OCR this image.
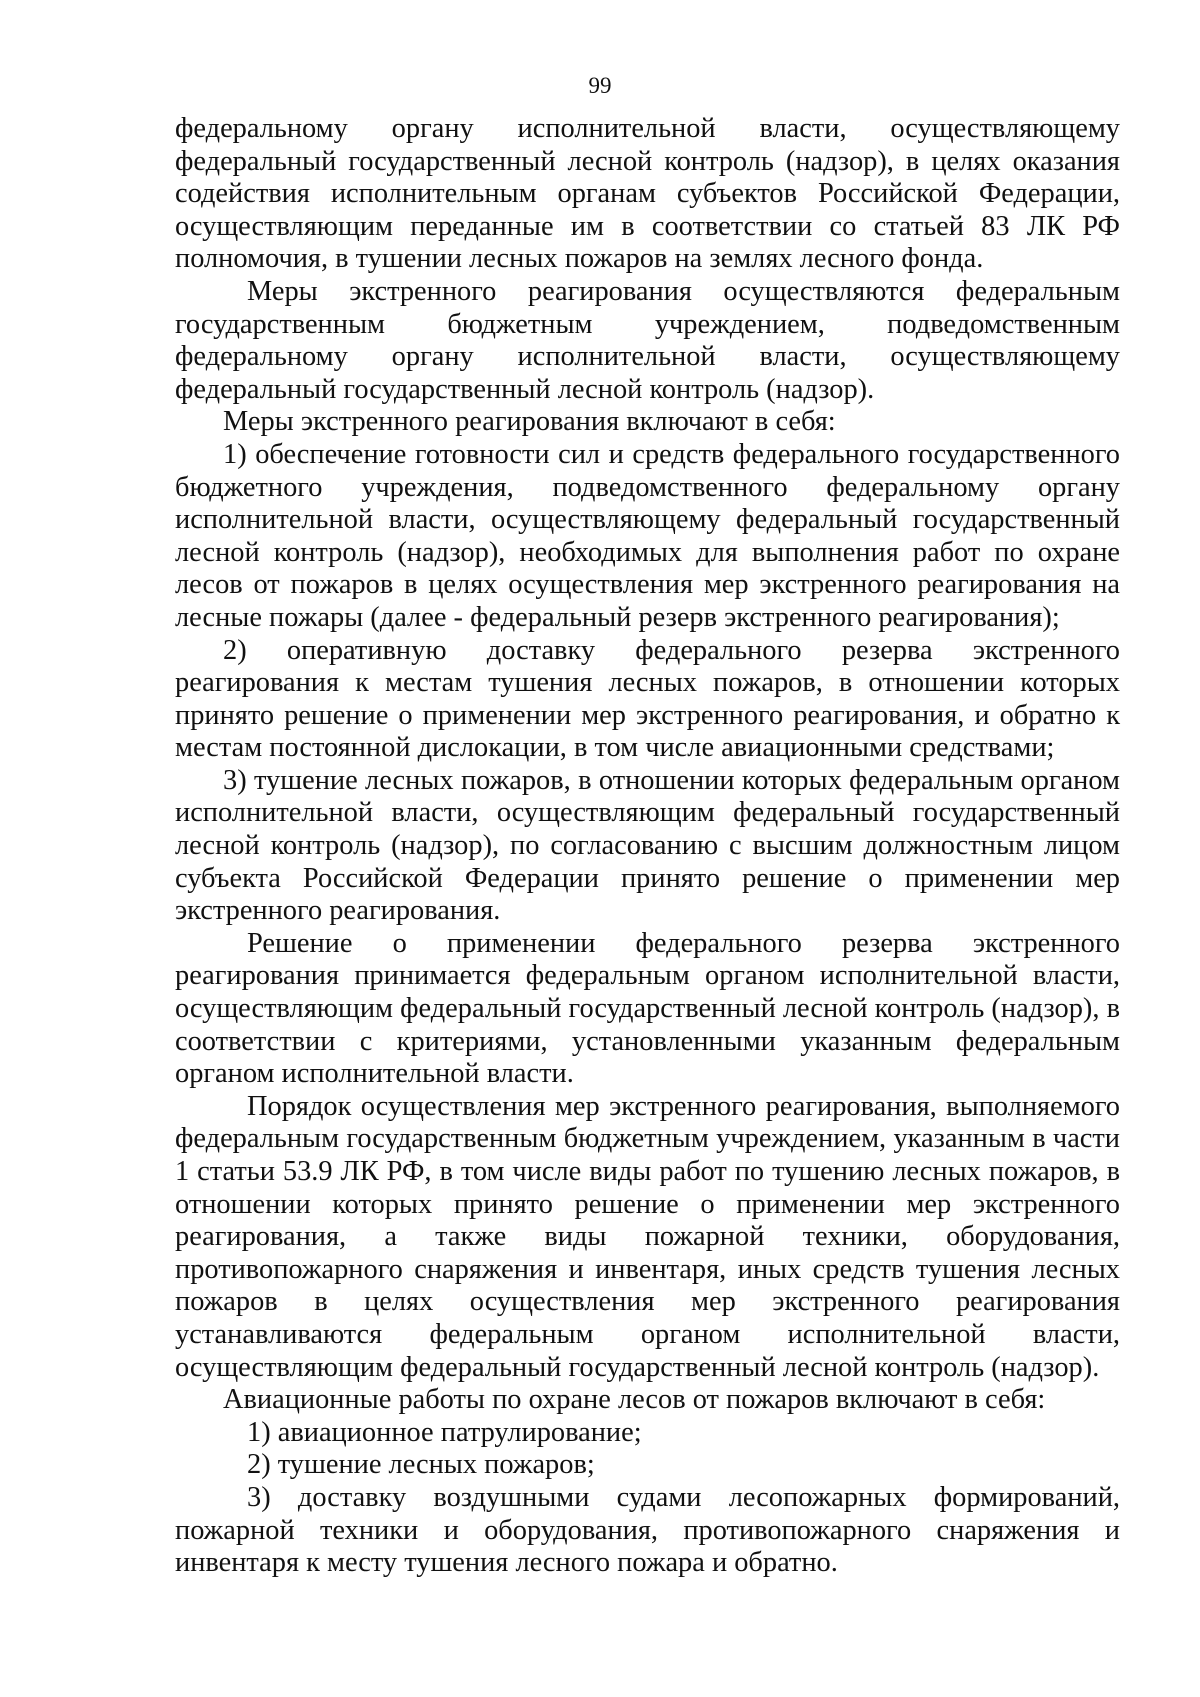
99

федеральному органу исполнительной власти, осуществляющему федеральный государственный лесной контроль (надзор), в целях оказания содействия исполнительным органам субъектов Российской Федерации, осуществляющим переданные им в соответствии со статьей 83 ЛК РФ полномочия, в тушении лесных пожаров на землях лесного фонда.

Меры экстренного реагирования осуществляются федеральным государственным бюджетным учреждением, подведомственным федеральному органу исполнительной власти, осуществляющему федеральный государственный лесной контроль (надзор).

Меры экстренного реагирования включают в себя:

1) обеспечение готовности сил и средств федерального государственного бюджетного учреждения, подведомственного федеральному органу исполнительной власти, осуществляющему федеральный государственный лесной контроль (надзор), необходимых для выполнения работ по охране лесов от пожаров в целях осуществления мер экстренного реагирования на лесные пожары (далее - федеральный резерв экстренного реагирования);

2) оперативную доставку федерального резерва экстренного реагирования к местам тушения лесных пожаров, в отношении которых принято решение о применении мер экстренного реагирования, и обратно к местам постоянной дислокации, в том числе авиационными средствами;

3) тушение лесных пожаров, в отношении которых федеральным органом исполнительной власти, осуществляющим федеральный государственный лесной контроль (надзор), по согласованию с высшим должностным лицом субъекта Российской Федерации принято решение о применении мер экстренного реагирования.

Решение о применении федерального резерва экстренного реагирования принимается федеральным органом исполнительной власти, осуществляющим федеральный государственный лесной контроль (надзор), в соответствии с критериями, установленными указанным федеральным органом исполнительной власти.

Порядок осуществления мер экстренного реагирования, выполняемого федеральным государственным бюджетным учреждением, указанным в части 1 статьи 53.9 ЛК РФ, в том числе виды работ по тушению лесных пожаров, в отношении которых принято решение о применении мер экстренного реагирования, а также виды пожарной техники, оборудования, противопожарного снаряжения и инвентаря, иных средств тушения лесных пожаров в целях осуществления мер экстренного реагирования устанавливаются федеральным органом исполнительной власти, осуществляющим федеральный государственный лесной контроль (надзор).

Авиационные работы по охране лесов от пожаров включают в себя:

1) авиационное патрулирование;

2) тушение лесных пожаров;

3) доставку воздушными судами лесопожарных формирований, пожарной техники и оборудования, противопожарного снаряжения и инвентаря к месту тушения лесного пожара и обратно.
